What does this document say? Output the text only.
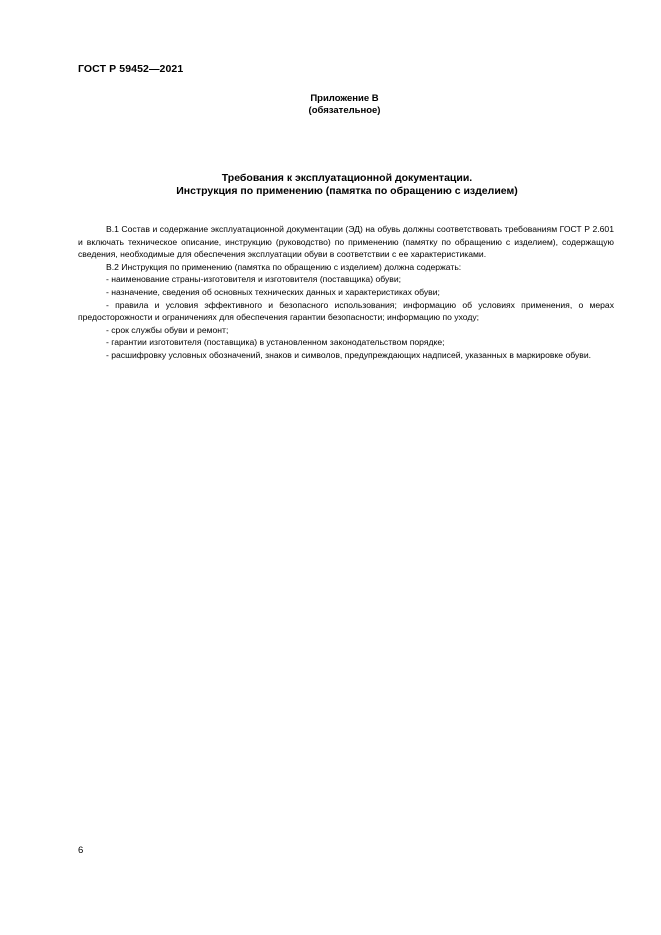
ГОСТ Р 59452—2021
Приложение В
(обязательное)
Требования к эксплуатационной документации.
Инструкция по применению (памятка по обращению с изделием)

В.1 Состав и содержание эксплуатационной документации (ЭД) на обувь должны соответствовать требованиям ГОСТ Р 2.601 и включать техническое описание, инструкцию (руководство) по применению (памятку по обращению с изделием), содержащую сведения, необходимые для обеспечения эксплуатации обуви в соответствии с ее характеристиками.

В.2 Инструкция по применению (памятка по обращению с изделием) должна содержать:

- наименование страны-изготовителя и изготовителя (поставщика) обуви;

- назначение, сведения об основных технических данных и характеристиках обуви;

- правила и условия эффективного и безопасного использования; информацию об условиях применения, о мерах предосторожности и ограничениях для обеспечения гарантии безопасности; информацию по уходу;

- срок службы обуви и ремонт;

- гарантии изготовителя (поставщика) в установленном законодательством порядке;

- расшифровку условных обозначений, знаков и символов, предупреждающих надписей, указанных в маркировке обуви.

6
